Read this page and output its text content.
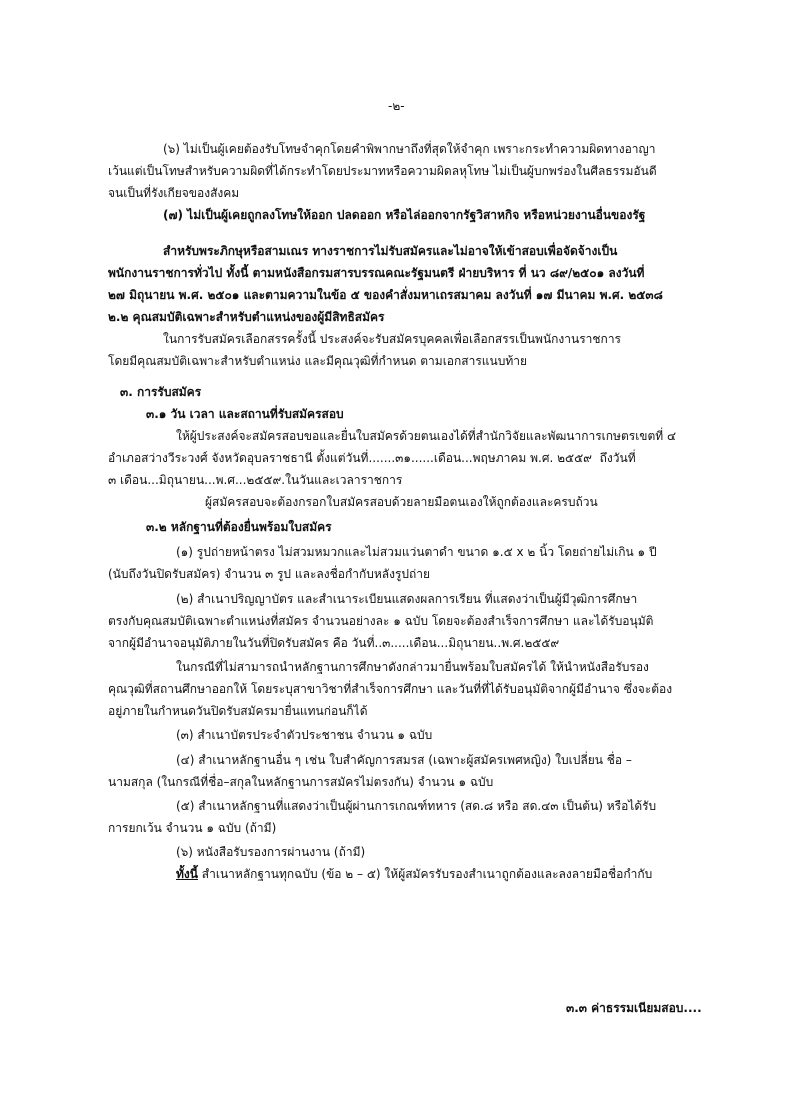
-๒-
(๖) ไม่เป็นผู้เคยต้องรับโทษจำคุกโดยคำพิพากษาถึงที่สุดให้จำคุก เพราะกระทำความผิดทางอาญา
เว้นแต่เป็นโทษสำหรับความผิดที่ได้กระทำโดยประมาทหรือความผิดลหุโทษ ไม่เป็นผู้บกพร่องในศีลธรรมอันดี
จนเป็นที่รังเกียจของสังคม
(๗) ไม่เป็นผู้เคยถูกลงโทษให้ออก ปลดออก หรือไล่ออกจากรัฐวิสาหกิจ หรือหน่วยงานอื่นของรัฐ
สำหรับพระภิกษุหรือสามเณร ทางราชการไม่รับสมัครและไม่อาจให้เข้าสอบเพื่อจัดจ้างเป็น
พนักงานราชการทั่วไป ทั้งนี้ ตามหนังสือกรมสารบรรณคณะรัฐมนตรี ฝ่ายบริหาร ที่ นว ๘๙/๒๕๐๑ ลงวันที่
๒๗ มิถุนายน พ.ศ. ๒๕๐๑ และตามความในข้อ ๕ ของคำสั่งมหาเถรสมาคม ลงวันที่ ๑๗ มีนาคม พ.ศ. ๒๕๓๘
๒.๒ คุณสมบัติเฉพาะสำหรับตำแหน่งของผู้มีสิทธิสมัคร
ในการรับสมัครเลือกสรรครั้งนี้ ประสงค์จะรับสมัครบุคคลเพื่อเลือกสรรเป็นพนักงานราชการ
โดยมีคุณสมบัติเฉพาะสำหรับตำแหน่ง และมีคุณวุฒิที่กำหนด ตามเอกสารแนบท้าย
๓. การรับสมัคร
๓.๑ วัน เวลา และสถานที่รับสมัครสอบ
ให้ผู้ประสงค์จะสมัครสอบขอและยื่นใบสมัครด้วยตนเองได้ที่สำนักวิจัยและพัฒนาการเกษตรเขตที่ ๔
อำเภอสว่างวีระวงศ์ จังหวัดอุบลราชธานี ตั้งแต่วันที่.......๓๑......เดือน...พฤษภาคม พ.ศ. ๒๕๕๙ ถึงวันที่
๓ เดือน...มิถุนายน...พ.ศ...๒๕๕๙.ในวันและเวลาราชการ
ผู้สมัครสอบจะต้องกรอกใบสมัครสอบด้วยลายมือตนเองให้ถูกต้องและครบถ้วน
๓.๒ หลักฐานที่ต้องยื่นพร้อมใบสมัคร
(๑) รูปถ่ายหน้าตรง ไม่สวมหมวกและไม่สวมแว่นตาดำ ขนาด ๑.๕ x ๒ นิ้ว โดยถ่ายไม่เกิน ๑ ปี
(นับถึงวันปิดรับสมัคร) จำนวน ๓ รูป และลงชื่อกำกับหลังรูปถ่าย
(๒) สำเนาปริญญาบัตร และสำเนาระเบียนแสดงผลการเรียน ที่แสดงว่าเป็นผู้มีวุฒิการศึกษา
ตรงกับคุณสมบัติเฉพาะตำแหน่งที่สมัคร จำนวนอย่างละ ๑ ฉบับ โดยจะต้องสำเร็จการศึกษา และได้รับอนุมัติ
จากผู้มีอำนาจอนุมัติภายในวันที่ปิดรับสมัคร คือ วันที่..๓.....เดือน...มิถุนายน..พ.ศ.๒๕๕๙
ในกรณีที่ไม่สามารถนำหลักฐานการศึกษาดังกล่าวมายื่นพร้อมใบสมัครได้ ให้นำหนังสือรับรอง
คุณวุฒิที่สถานศึกษาออกให้ โดยระบุสาขาวิชาที่สำเร็จการศึกษา และวันที่ที่ได้รับอนุมัติจากผู้มีอำนาจ ซึ่งจะต้อง
อยู่ภายในกำหนดวันปิดรับสมัครมายื่นแทนก่อนก็ได้
(๓) สำเนาบัตรประจำตัวประชาชน จำนวน ๑ ฉบับ
(๔) สำเนาหลักฐานอื่น ๆ เช่น ใบสำคัญการสมรส (เฉพาะผู้สมัครเพศหญิง) ใบเปลี่ยน ชื่อ –
นามสกุล (ในกรณีที่ชื่อ–สกุลในหลักฐานการสมัครไม่ตรงกัน) จำนวน ๑ ฉบับ
(๕) สำเนาหลักฐานที่แสดงว่าเป็นผู้ผ่านการเกณฑ์ทหาร (สด.๘ หรือ สด.๔๓ เป็นต้น) หรือได้รับ
การยกเว้น จำนวน ๑ ฉบับ (ถ้ามี)
(๖) หนังสือรับรองการผ่านงาน (ถ้ามี)
ทั้งนี้ สำเนาหลักฐานทุกฉบับ (ข้อ ๒ – ๕) ให้ผู้สมัครรับรองสำเนาถูกต้องและลงลายมือชื่อกำกับ
๓.๓ ค่าธรรมเนียมสอบ....
